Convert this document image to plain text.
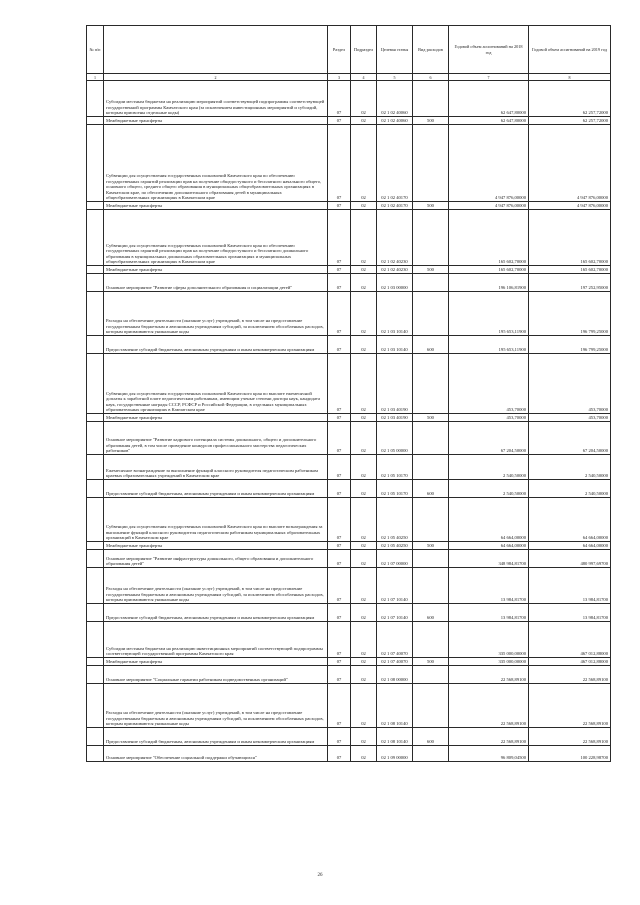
№ п/п		Раздел	Подраздел	Целевая статья	Вид расходов	Годовой объем ассигнований на 2018 год	Годовой объем ассигнований на 2019 год
1	2	3	4	5	6	7	8
	Субсидии местным бюджетам на реализацию мероприятий соответствующей подпрограммы соответствующей государственной программы Камчатского края (за исключением инвестиционных мероприятий и субсидий, которым присвоены отдельные коды)	07	02	02 1 02 40060		62 647,80000	62 257,72000
	Межбюджетные трансферты	07	02	02 1 02 40060	500	62 647,80000	62 257,72000
	Субвенции для осуществления государственных полномочий Камчатского края по обеспечению государственных гарантий реализации прав на получение общедоступного и бесплатного начального общего, основного общего, среднего общего образования в муниципальных общеобразовательных организациях в Камчатском крае, по обеспечению дополнительного образования детей в муниципальных общеобразовательных организациях в Камчатском крае	07	02	02 1 02 40170		4 947 876,00000	4 947 876,00000
	Межбюджетные трансферты	07	02	02 1 02 40170	500	4 947 876,00000	4 947 876,00000
	Субвенции для осуществления государственных полномочий Камчатского края по обеспечению государственных гарантий реализации прав на получение общедоступного и бесплатного дошкольного образования в муниципальных дошкольных образовательных организациях и муниципальных общеобразовательных организациях в Камчатском крае	07	02	02 1 02 40230		165 602,70000	165 602,70000
	Межбюджетные трансферты	07	02	02 1 02 40230	500	165 602,70000	165 602,70000
	Основное мероприятие "Развитие сферы дополнительного образования и социализации детей"	07	02	02 1 03 00000		196 106,81900	197 252,95000
	Расходы на обеспечение деятельности (оказание услуг) учреждений, в том числе на предоставление государственным бюджетным и автономным учреждениям субсидий, за исключением обособленных расходов, которым присваиваются уникальные коды	07	02	02 1 03 10140		195 653,11900	196 799,25000
	Предоставление субсидий бюджетным, автономным учреждениям и иным некоммерческим организациям	07	02	02 1 03 10140	600	195 653,11900	196 799,25000
	Субвенции для осуществления государственных полномочий Камчатского края по выплате ежемесячной доплаты к заработной плате педагогическим работникам, имеющим ученые степени доктора наук, кандидата наук, государственные награды СССР, РСФСР и Российской Федерации, в отдельных муниципальных образовательных организациях в Камчатском крае	07	02	02 1 03 40190		453,70000	453,70000
	Межбюджетные трансферты	07	02	02 1 03 40190	500	453,70000	453,70000
	Основное мероприятие "Развитие кадрового потенциала системы дошкольного, общего и дополнительного образования детей, в том числе проведение конкурсов профессионального мастерства педагогических работников"	07	02	02 1 05 00000		67 204,50000	67 204,50000
	Ежемесячное вознаграждение за выполнение функций классного руководителя педагогическим работникам краевых образовательных учреждений в Камчатском крае	07	02	02 1 05 10170		2 540,50000	2 540,50000
	Предоставление субсидий бюджетным, автономным учреждениям и иным некоммерческим организациям	07	02	02 1 05 10170	600	2 540,50000	2 540,50000
	Субвенции для осуществления государственных полномочий Камчатского края по выплате вознаграждения за выполнение функций классного руководителя педагогическим работникам муниципальных образовательных организаций в Камчатском крае	07	02	02 1 05 40250		64 664,00000	64 664,00000
	Межбюджетные трансферты	07	02	02 1 05 40250	500	64 664,00000	64 664,00000
	Основное мероприятие "Развитие инфраструктуры дошкольного, общего образования и дополнительного образования детей"	07	02	02 1 07 00000		348 984,81700	480 997,69700
	Расходы на обеспечение деятельности (оказание услуг) учреждений, в том числе на предоставление государственным бюджетным и автономным учреждениям субсидий, за исключением обособленных расходов, которым присваиваются уникальные коды	07	02	02 1 07 10140		13 984,81700	13 984,81700
	Предоставление субсидий бюджетным, автономным учреждениям и иным некоммерческим организациям	07	02	02 1 07 10140	600	13 984,81700	13 984,81700
	Субсидии местным бюджетам на реализацию инвестиционных мероприятий соответствующей подпрограммы соответствующей государственной программы Камчатского края	07	02	02 1 07 40070		335 000,00000	467 012,88000
	Межбюджетные трансферты	07	02	02 1 07 40070	500	335 000,00000	467 012,88000
	Основное мероприятие "Социальные гарантии работникам подведомственных организаций"	07	02	02 1 08 00000		22 568,89100	22 568,89100
	Расходы на обеспечение деятельности (оказание услуг) учреждений, в том числе на предоставление государственным бюджетным и автономным учреждениям субсидий, за исключением обособленных расходов, которым присваиваются уникальные коды	07	02	02 1 08 10140		22 568,89100	22 568,89100
	Предоставление субсидий бюджетным, автономным учреждениям и иным некоммерческим организациям	07	02	02 1 08 10140	600	22 568,89100	22 568,89100
	Основное мероприятие "Обеспечение социальной поддержки обучающихся"	07	02	02 1 09 00000		96 809,04500	100 228,98700
26
